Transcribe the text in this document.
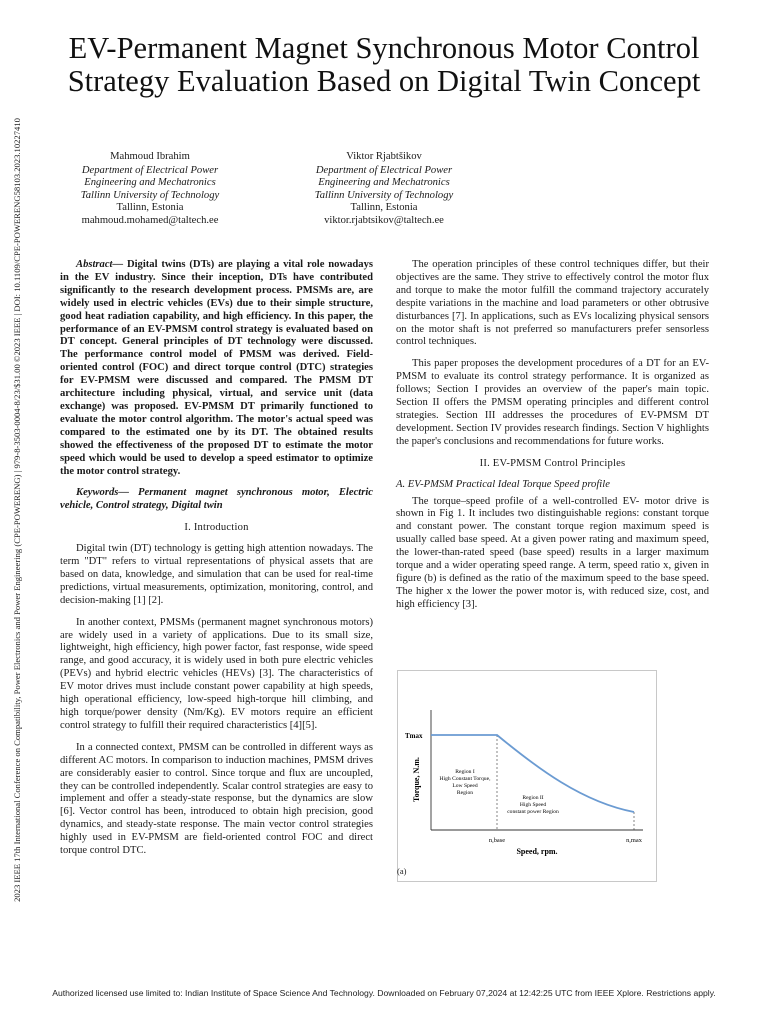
2023 IEEE 17th International Conference on Compatibility, Power Electronics and Power Engineering (CPE-POWERENG) | 979-8-3503-0004-8/23/$31.00 ©2023 IEEE | DOI: 10.1109/CPE-POWERENG58103.2023.10227410
EV-Permanent Magnet Synchronous Motor Control
Strategy Evaluation Based on Digital Twin Concept
Mahmoud Ibrahim
Department of Electrical Power
Engineering and Mechatronics
Tallinn University of Technology
Tallinn, Estonia
mahmoud.mohamed@taltech.ee
Viktor Rjabtšikov
Department of Electrical Power
Engineering and Mechatronics
Tallinn University of Technology
Tallinn, Estonia
viktor.rjabtsikov@taltech.ee

Abstract— Digital twins (DTs) are playing a vital role nowadays in the EV industry. Since their inception, DTs have contributed significantly to the research development process. PMSMs are, are widely used in electric vehicles (EVs) due to their simple structure, good heat radiation capability, and high efficiency. In this paper, the performance of an EV-PMSM control strategy is evaluated based on DT concept. General principles of DT technology were discussed. The performance control model of PMSM was derived. Field-oriented control (FOC) and direct torque control (DTC) strategies for EV-PMSM were discussed and compared. The PMSM DT architecture including physical, virtual, and service unit (data exchange) was proposed. EV-PMSM DT primarily functioned to evaluate the motor control algorithm. The motor's actual speed was compared to the estimated one by its DT. The obtained results showed the effectiveness of the proposed DT to estimate the motor speed which would be used to develop a speed estimator to optimize the motor control strategy.

Keywords— Permanent magnet synchronous motor, Electric vehicle, Control strategy, Digital twin

I. Introduction

Digital twin (DT) technology is getting high attention nowadays. The term "DT" refers to virtual representations of physical assets that are based on data, knowledge, and simulation that can be used for real-time predictions, virtual measurements, optimization, monitoring, control, and decision-making [1] [2].

In another context, PMSMs (permanent magnet synchronous motors) are widely used in a variety of applications. Due to its small size, lightweight, high efficiency, high power factor, fast response, wide speed range, and good accuracy, it is widely used in both pure electric vehicles (PEVs) and hybrid electric vehicles (HEVs) [3]. The characteristics of EV motor drives must include constant power capability at high speeds, high operational efficiency, low-speed high-torque hill climbing, and high torque/power density (Nm/Kg). EV motors require an efficient control strategy to fulfill their required characteristics [4][5].

In a connected context, PMSM can be controlled in different ways as different AC motors. In comparison to induction machines, PMSM drives are considerably easier to control. Since torque and flux are uncoupled, they can be controlled independently. Scalar control strategies are easy to implement and offer a steady-state response, but the dynamics are slow [6]. Vector control has been, introduced to obtain high precision, good dynamics, and steady-state response. The main vector control strategies highly used in EV-PMSM are field-oriented control FOC and direct torque control DTC.

The operation principles of these control techniques differ, but their objectives are the same. They strive to effectively control the motor flux and torque to make the motor fulfill the command trajectory accurately despite variations in the machine and load parameters or other obtrusive disturbances [7]. In applications, such as EVs localizing physical sensors on the motor shaft is not preferred so manufacturers prefer sensorless control techniques.

This paper proposes the development procedures of a DT for an EV-PMSM to evaluate its control strategy performance. It is organized as follows; Section I provides an overview of the paper's main topic. Section II offers the PMSM operating principles and different control strategies. Section III addresses the procedures of EV-PMSM DT development. Section IV provides research findings. Section V highlights the paper's conclusions and recommendations for future works.

II. EV-PMSM Control Principles

A. EV-PMSM Practical Ideal Torque Speed profile

The torque–speed profile of a well-controlled EV- motor drive is shown in Fig 1. It includes two distinguishable regions: constant torque and constant power. The constant torque region maximum speed is usually called base speed. At a given power rating and maximum speed, the lower-than-rated speed (base speed) results in a larger maximum torque and a wider operating speed range. A term, speed ratio x, given in figure (b) is defined as the ratio of the maximum speed to the base speed. The higher x the lower the power motor is, with reduced size, cost, and high efficiency [3].

Tmax
Torque, N.m.
Speed, rpm.
n,base	n,max
Region I
High Constant Torque,
Low Speed
Region
Region II
High Speed
constant power Region
(a)
Authorized licensed use limited to: Indian Institute of Space Science And Technology. Downloaded on February 07,2024 at 12:42:25 UTC from IEEE Xplore. Restrictions apply.
